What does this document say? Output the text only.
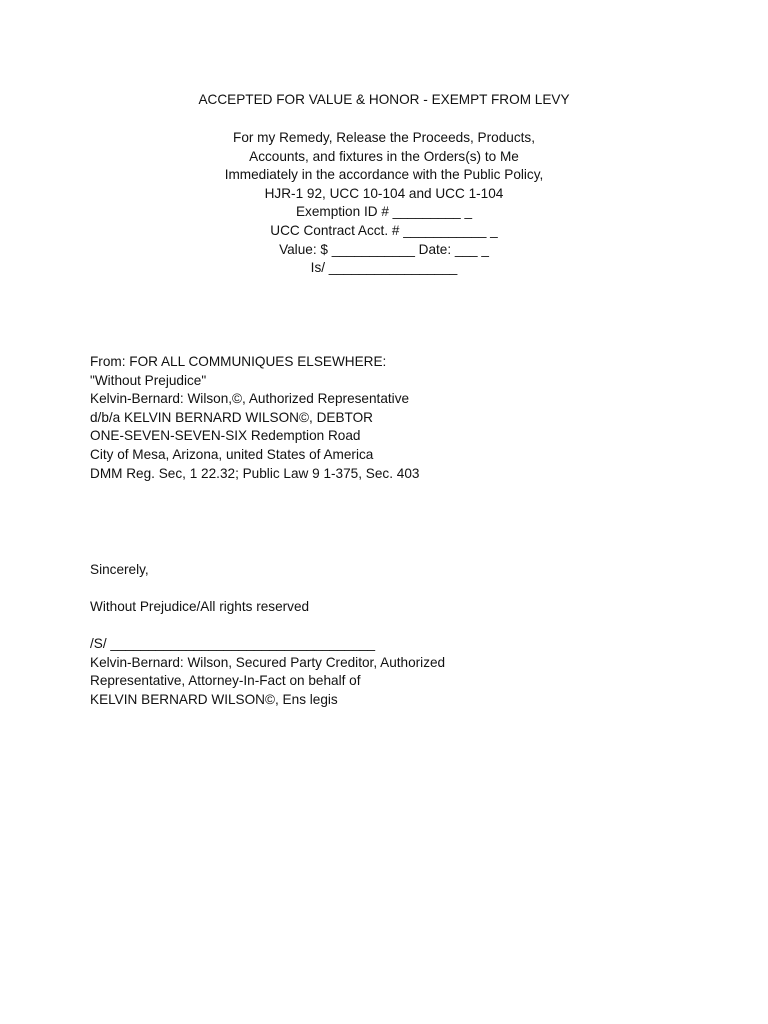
ACCEPTED FOR VALUE & HONOR - EXEMPT FROM LEVY
For my Remedy, Release the Proceeds, Products,
Accounts, and fixtures in the Orders(s) to Me
Immediately in the accordance with the Public Policy,
HJR-1 92, UCC 10-104 and UCC 1-104
Exemption ID # _________ _
UCC Contract Acct. # ___________ _
Value: $ ___________ Date: ___ _
Is/ _________________
From: FOR ALL COMMUNIQUES ELSEWHERE:
"Without Prejudice"
Kelvin-Bernard: Wilson,©, Authorized Representative
d/b/a KELVIN BERNARD WILSON©, DEBTOR
ONE-SEVEN-SEVEN-SIX Redemption Road
City of Mesa, Arizona, united States of America
DMM Reg. Sec, 1 22.32; Public Law 9 1-375, Sec. 403
Sincerely,
Without Prejudice/All rights reserved
/S/ ___________________________________
Kelvin-Bernard: Wilson, Secured Party Creditor, Authorized
Representative, Attorney-In-Fact on behalf of
KELVIN BERNARD WILSON©, Ens legis
